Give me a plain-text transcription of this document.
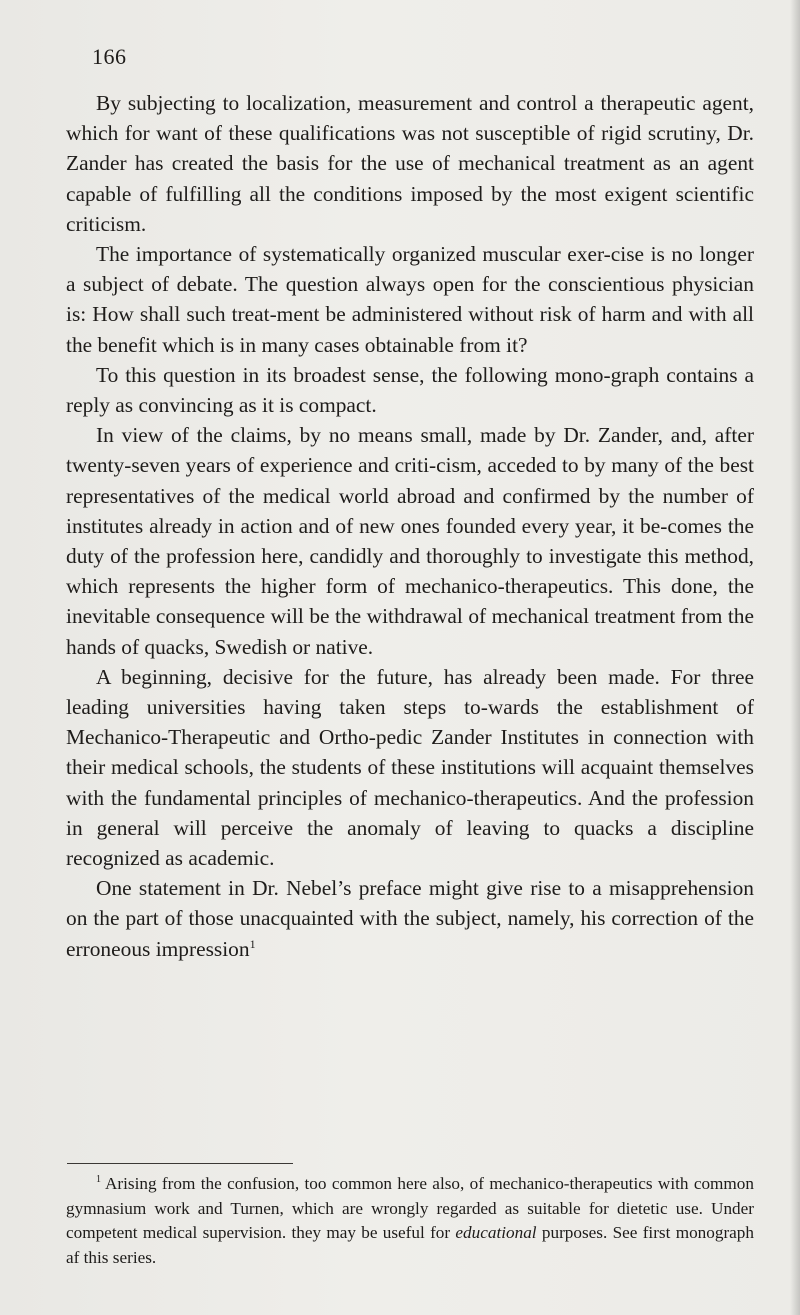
166

By subjecting to localization, measurement and control a therapeutic agent, which for want of these qualifications was not susceptible of rigid scrutiny, Dr. Zander has created the basis for the use of mechanical treatment as an agent capable of fulfilling all the conditions imposed by the most exigent scientific criticism.

The importance of systematically organized muscular exer-cise is no longer a subject of debate. The question always open for the conscientious physician is: How shall such treat-ment be administered without risk of harm and with all the benefit which is in many cases obtainable from it?

To this question in its broadest sense, the following mono-graph contains a reply as convincing as it is compact.

In view of the claims, by no means small, made by Dr. Zander, and, after twenty-seven years of experience and criti-cism, acceded to by many of the best representatives of the medical world abroad and confirmed by the number of institutes already in action and of new ones founded every year, it be-comes the duty of the profession here, candidly and thoroughly to investigate this method, which represents the higher form of mechanico-therapeutics. This done, the inevitable consequence will be the withdrawal of mechanical treatment from the hands of quacks, Swedish or native.

A beginning, decisive for the future, has already been made. For three leading universities having taken steps to-wards the establishment of Mechanico-Therapeutic and Ortho-pedic Zander Institutes in connection with their medical schools, the students of these institutions will acquaint themselves with the fundamental principles of mechanico-therapeutics. And the profession in general will perceive the anomaly of leaving to quacks a discipline recognized as academic.

One statement in Dr. Nebel’s preface might give rise to a misapprehension on the part of those unacquainted with the subject, namely, his correction of the erroneous impression$^1$

$^1$ Arising from the confusion, too common here also, of mechanico-therapeutics with common gymnasium work and Turnen, which are wrongly regarded as suitable for dietetic use. Under competent medical supervision. they may be useful for educational purposes. See first monograph af this series.
